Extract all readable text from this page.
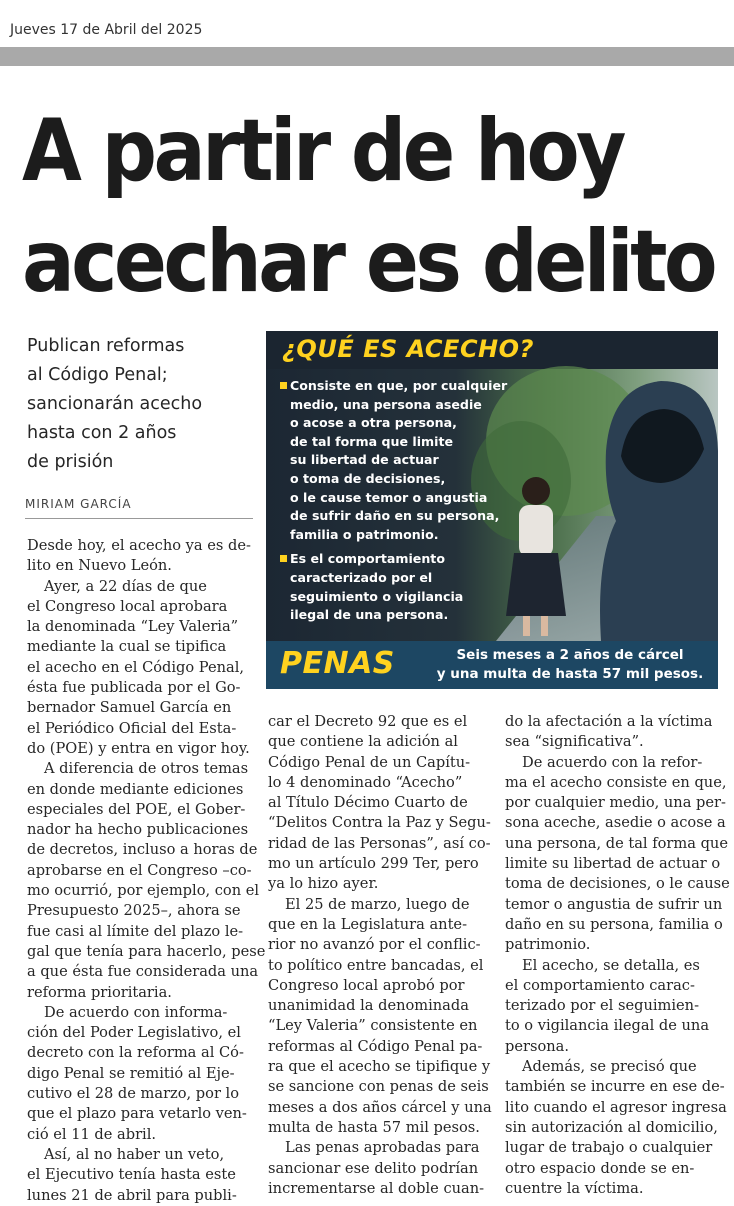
Jueves 17 de Abril del 2025
A partir de hoy
acechar es delito
Publican reformas
al Código Penal;
sancionarán acecho
hasta con 2 años
de prisión
MIRIAM GARCÍA
¿QUÉ ES ACECHO?
Consiste en que, por cualquier
medio, una persona asedie
o acose a otra persona,
de tal forma que limite
su libertad de actuar
o toma de decisiones,
o le cause temor o angustia
de sufrir daño en su persona,
familia o patrimonio.
Es el comportamiento
caracterizado por el
seguimiento o vigilancia
ilegal de una persona.
PENAS	Seis meses a 2 años de cárcel
y una multa de hasta 57 mil pesos.
Desde hoy, el acecho ya es de-
lito en Nuevo León.
Ayer, a 22 días de que
el Congreso local aprobara
la denominada “Ley Valeria”
mediante la cual se tipifica
el acecho en el Código Penal,
ésta fue publicada por el Go-
bernador Samuel García en
el Periódico Oficial del Esta-
do (POE) y entra en vigor hoy.
A diferencia de otros temas
en donde mediante ediciones
especiales del POE, el Gober-
nador ha hecho publicaciones
de decretos, incluso a horas de
aprobarse en el Congreso –co-
mo ocurrió, por ejemplo, con el
Presupuesto 2025–, ahora se
fue casi al límite del plazo le-
gal que tenía para hacerlo, pese
a que ésta fue considerada una
reforma prioritaria.
De acuerdo con informa-
ción del Poder Legislativo, el
decreto con la reforma al Có-
digo Penal se remitió al Eje-
cutivo el 28 de marzo, por lo
que el plazo para vetarlo ven-
ció el 11 de abril.
Así, al no haber un veto,
el Ejecutivo tenía hasta este
lunes 21 de abril para publi-
car el Decreto 92 que es el
que contiene la adición al
Código Penal de un Capítu-
lo 4 denominado “Acecho”
al Título Décimo Cuarto de
“Delitos Contra la Paz y Segu-
ridad de las Personas”, así co-
mo un artículo 299 Ter, pero
ya lo hizo ayer.
El 25 de marzo, luego de
que en la Legislatura ante-
rior no avanzó por el conflic-
to político entre bancadas, el
Congreso local aprobó por
unanimidad la denominada
“Ley Valeria” consistente en
reformas al Código Penal pa-
ra que el acecho se tipifique y
se sancione con penas de seis
meses a dos años cárcel y una
multa de hasta 57 mil pesos.
Las penas aprobadas para
sancionar ese delito podrían
incrementarse al doble cuan-
do la afectación a la víctima
sea “significativa”.
De acuerdo con la refor-
ma el acecho consiste en que,
por cualquier medio, una per-
sona aceche, asedie o acose a
una persona, de tal forma que
limite su libertad de actuar o
toma de decisiones, o le cause
temor o angustia de sufrir un
daño en su persona, familia o
patrimonio.
El acecho, se detalla, es
el comportamiento carac-
terizado por el seguimien-
to o vigilancia ilegal de una
persona.
Además, se precisó que
también se incurre en ese de-
lito cuando el agresor ingresa
sin autorización al domicilio,
lugar de trabajo o cualquier
otro espacio donde se en-
cuentre la víctima.
